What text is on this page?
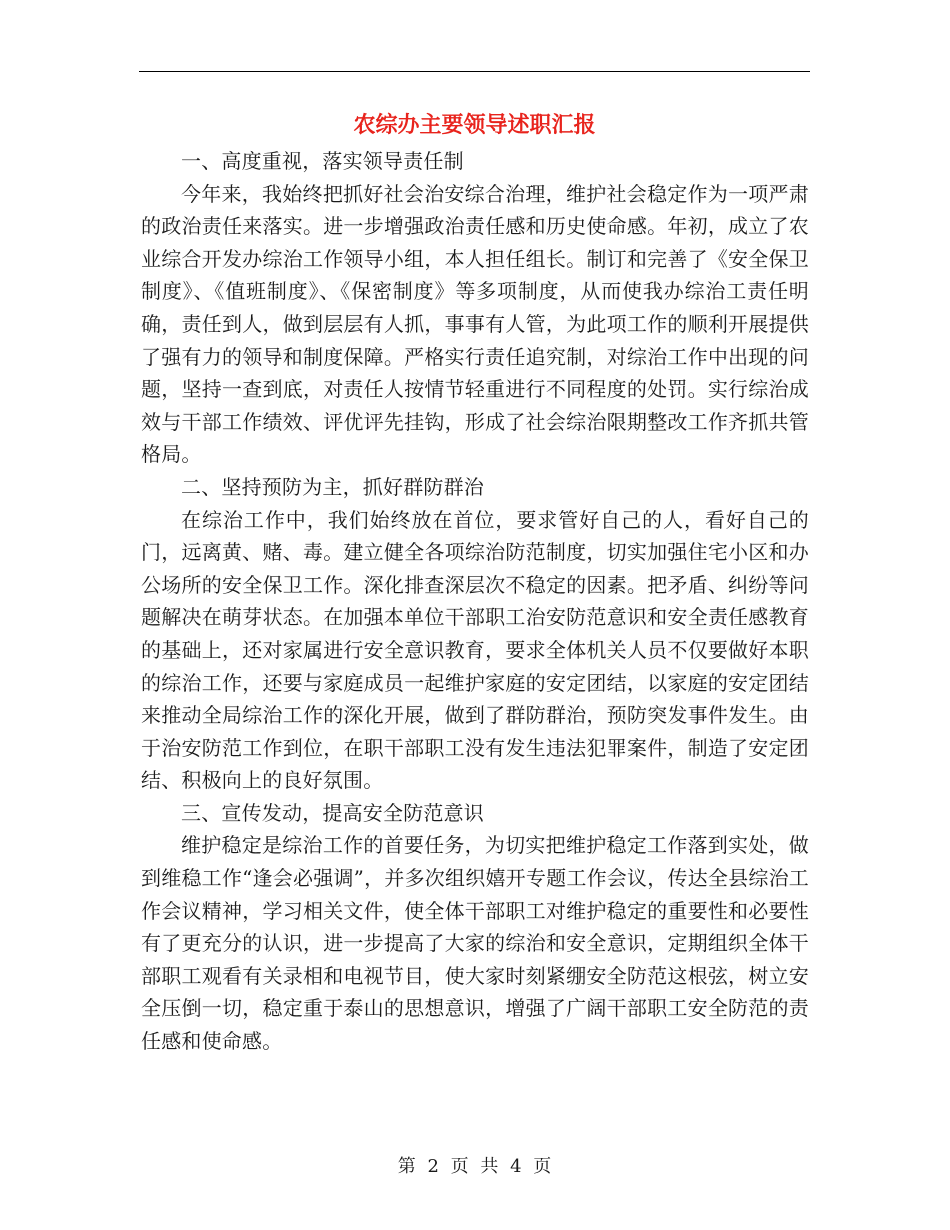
农综办主要领导述职汇报

一、高度重视，落实领导责任制

今年来，我始终把抓好社会治安综合治理，维护社会稳定作为一项严肃的政治责任来落实。进一步增强政治责任感和历史使命感。年初，成立了农业综合开发办综治工作领导小组，本人担任组长。制订和完善了《安全保卫制度》、《值班制度》、《保密制度》等多项制度，从而使我办综治工责任明确，责任到人，做到层层有人抓，事事有人管，为此项工作的顺利开展提供了强有力的领导和制度保障。严格实行责任追究制，对综治工作中出现的问题，坚持一查到底，对责任人按情节轻重进行不同程度的处罚。实行综治成效与干部工作绩效、评优评先挂钩，形成了社会综治限期整改工作齐抓共管格局。

二、坚持预防为主，抓好群防群治

在综治工作中，我们始终放在首位，要求管好自己的人，看好自己的门，远离黄、赌、毒。建立健全各项综治防范制度，切实加强住宅小区和办公场所的安全保卫工作。深化排查深层次不稳定的因素。把矛盾、纠纷等问题解决在萌芽状态。在加强本单位干部职工治安防范意识和安全责任感教育的基础上，还对家属进行安全意识教育，要求全体机关人员不仅要做好本职的综治工作，还要与家庭成员一起维护家庭的安定团结，以家庭的安定团结来推动全局综治工作的深化开展，做到了群防群治，预防突发事件发生。由于治安防范工作到位，在职干部职工没有发生违法犯罪案件，制造了安定团结、积极向上的良好氛围。

三、宣传发动，提高安全防范意识

维护稳定是综治工作的首要任务，为切实把维护稳定工作落到实处，做到维稳工作“逢会必强调”，并多次组织嬉开专题工作会议，传达全县综治工作会议精神，学习相关文件，使全体干部职工对维护稳定的重要性和必要性有了更充分的认识，进一步提高了大家的综治和安全意识，定期组织全体干部职工观看有关录相和电视节目，使大家时刻紧绷安全防范这根弦，树立安全压倒一切，稳定重于泰山的思想意识，增强了广阔干部职工安全防范的责任感和使命感。

第 2 页 共 4 页
